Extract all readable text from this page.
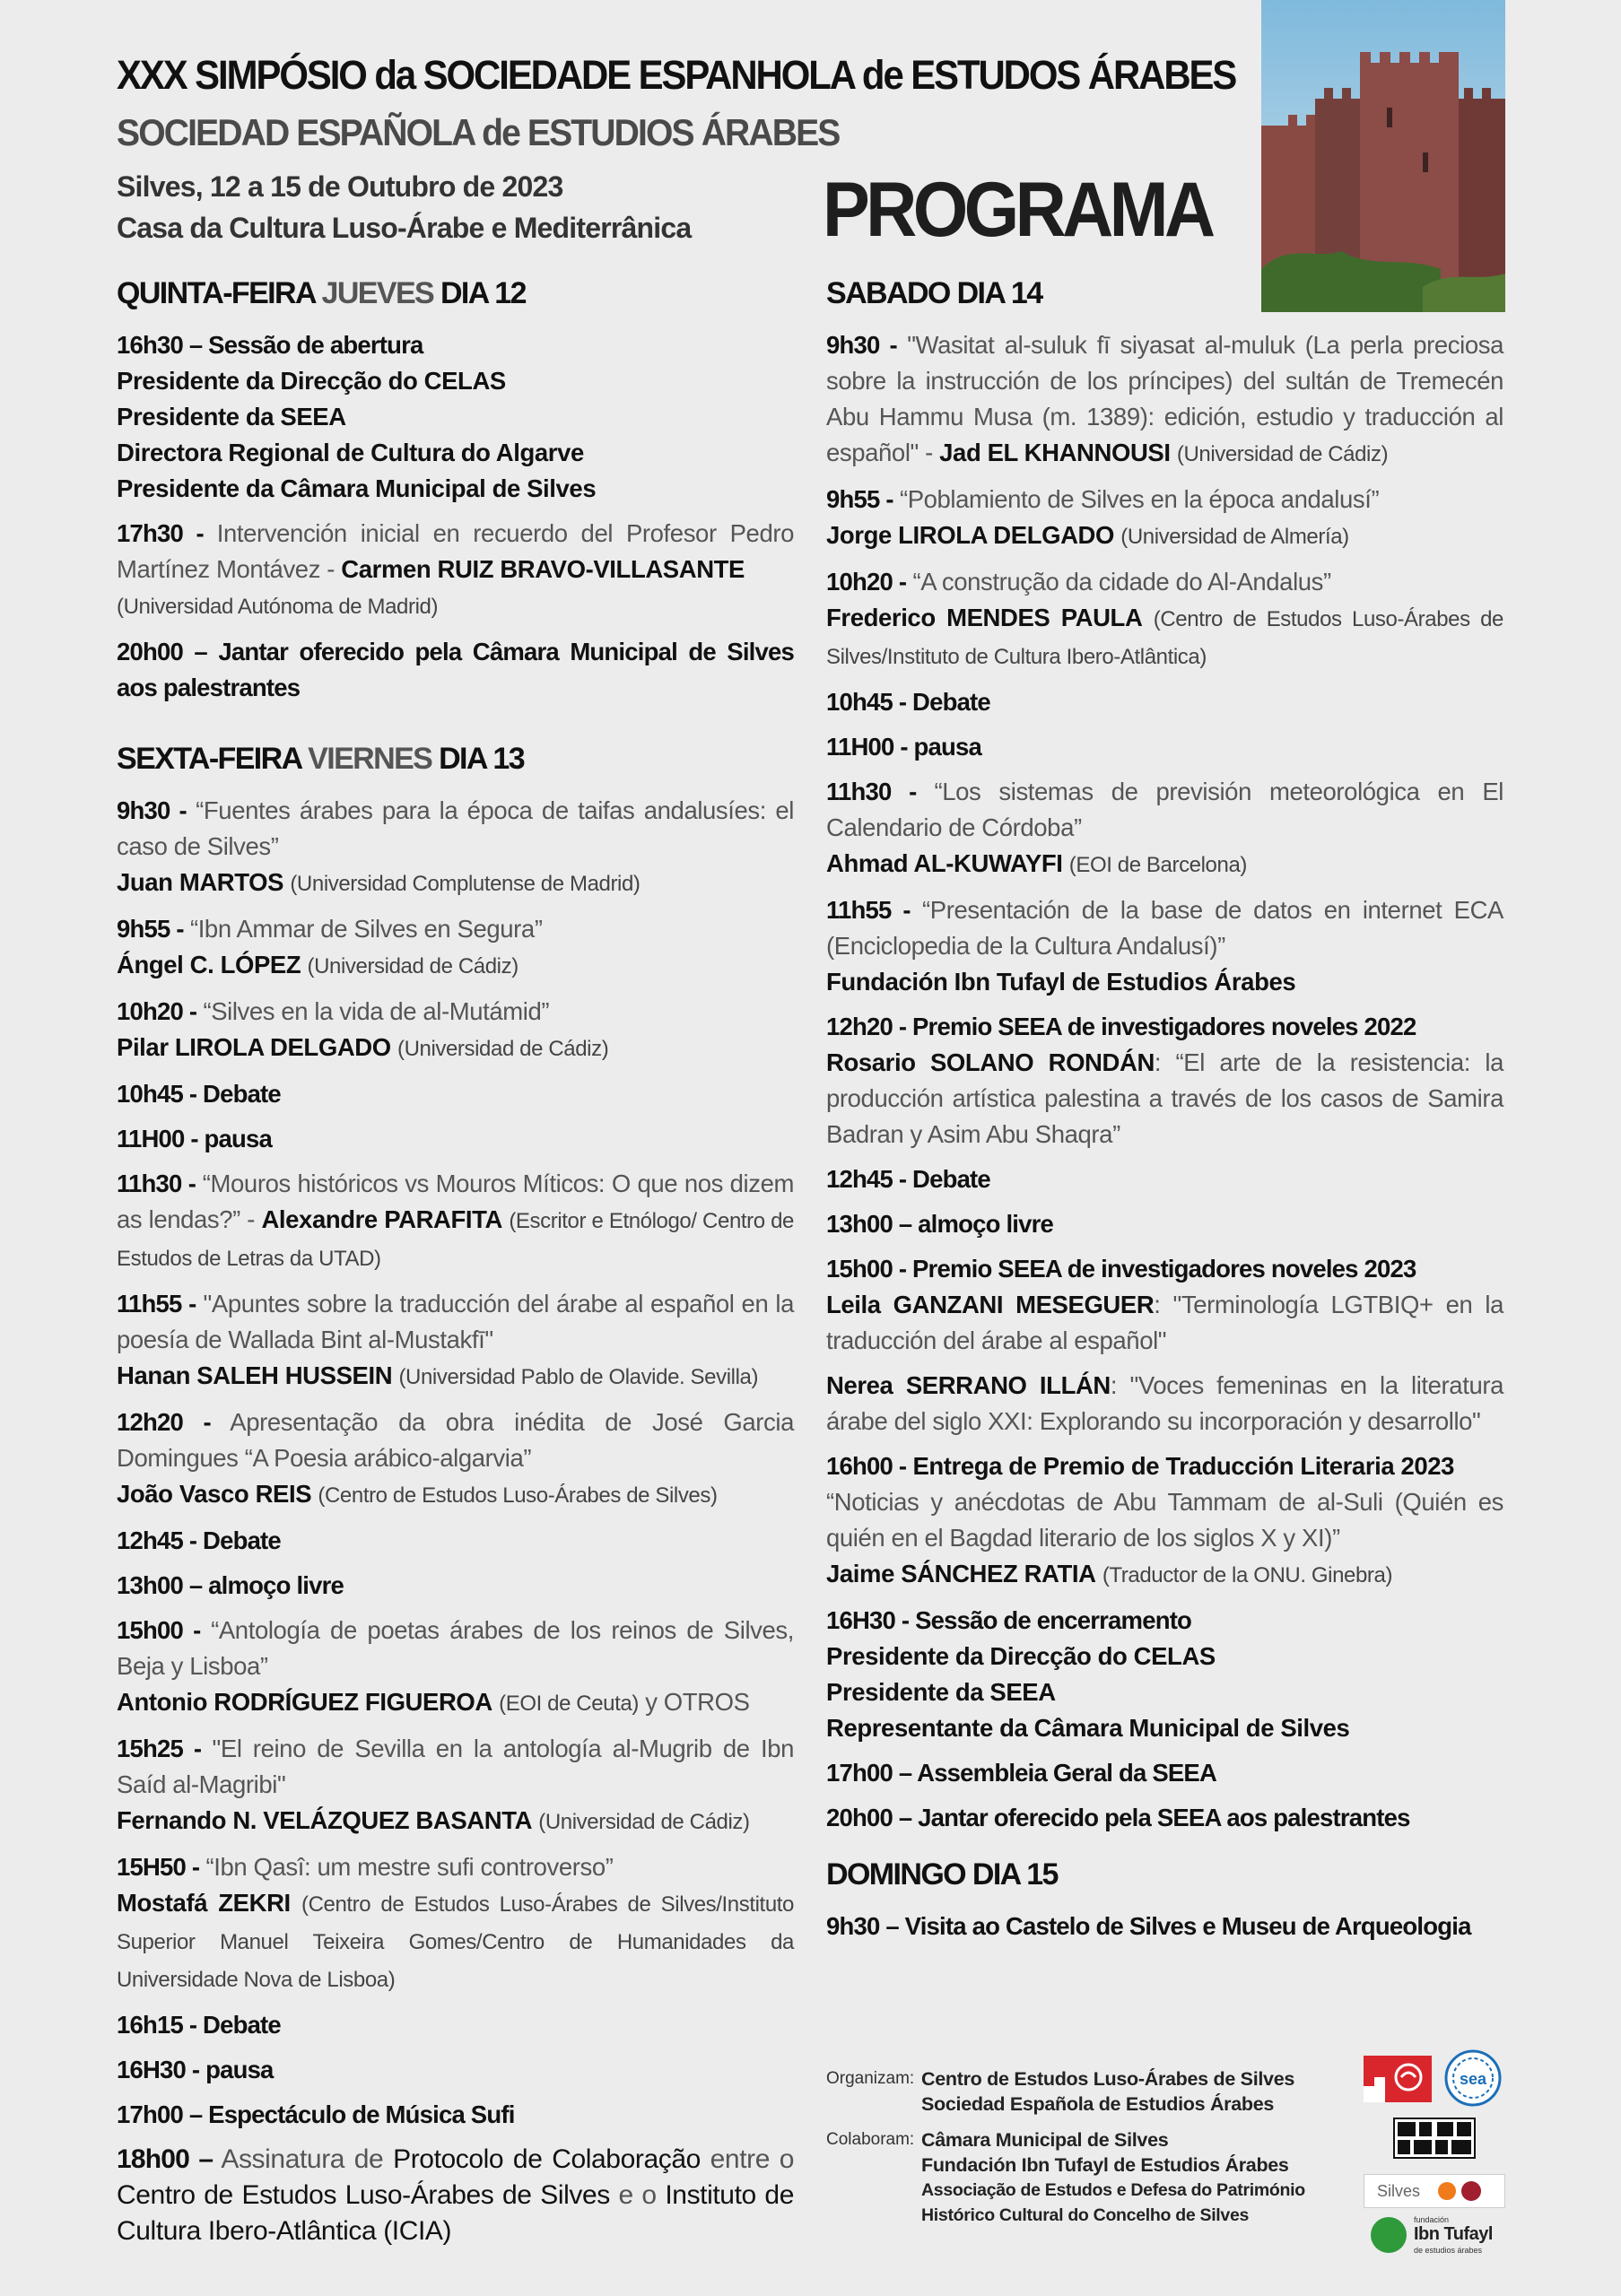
XXX SIMPÓSIO da SOCIEDADE ESPANHOLA de ESTUDOS ÁRABES
SOCIEDAD ESPAÑOLA de ESTUDIOS ÁRABES
Silves, 12 a 15 de Outubro de 2023
Casa da Cultura Luso-Árabe e Mediterrânica PROGRAMA
QUINTA-FEIRA JUEVES DIA 12
16h30 – Sessão de abertura
Presidente da Direcção do CELAS
Presidente da SEEA
Directora Regional de Cultura do Algarve
Presidente da Câmara Municipal de Silves
17h30 - Intervención inicial en recuerdo del Profesor Pedro Martínez Montávez - Carmen RUIZ BRAVO-VILLASANTE
(Universidad Autónoma de Madrid)
20h00 – Jantar oferecido pela Câmara Municipal de Silves aos palestrantes
SEXTA-FEIRA VIERNES DIA 13
9h30 - “Fuentes árabes para la época de taifas andalusíes: el caso de Silves”
Juan MARTOS (Universidad Complutense de Madrid)
9h55 - “Ibn Ammar de Silves en Segura”
Ángel C. LÓPEZ (Universidad de Cádiz)
10h20 - “Silves en la vida de al-Mutámid”
Pilar LIROLA DELGADO (Universidad de Cádiz)
10h45 - Debate
11H00 - pausa
11h30 - “Mouros históricos vs Mouros Míticos: O que nos dizem as lendas?” - Alexandre PARAFITA (Escritor e Etnólogo/ Centro de Estudos de Letras da UTAD)
11h55 - "Apuntes sobre la traducción del árabe al español en la poesía de Wallada Bint al-Mustakfī"
Hanan SALEH HUSSEIN (Universidad Pablo de Olavide. Sevilla)
12h20 - Apresentação da obra inédita de José Garcia Domingues “A Poesia arábico-algarvia”
João Vasco REIS (Centro de Estudos Luso-Árabes de Silves)
12h45 - Debate
13h00 – almoço livre
15h00 - “Antología de poetas árabes de los reinos de Silves, Beja y Lisboa”
Antonio RODRÍGUEZ FIGUEROA (EOI de Ceuta) y OTROS
15h25 - "El reino de Sevilla en la antología al-Mugrib de Ibn Saíd al-Magribi"
Fernando N. VELÁZQUEZ BASANTA (Universidad de Cádiz)
15H50 - “Ibn Qasî: um mestre sufi controverso”
Mostafá ZEKRI (Centro de Estudos Luso-Árabes de Silves/Instituto Superior Manuel Teixeira Gomes/Centro de Humanidades da Universidade Nova de Lisboa)
16h15 - Debate
16H30 - pausa
17h00 – Espectáculo de Música Sufi
18h00 – Assinatura de Protocolo de Colaboração entre o Centro de Estudos Luso-Árabes de Silves e o Instituto de Cultura Ibero-Atlântica (ICIA)
SABADO DIA 14
9h30 - "Wasitat al-suluk fī siyasat al-muluk (La perla preciosa sobre la instrucción de los príncipes) del sultán de Tremecén Abu Hammu Musa (m. 1389): edición, estudio y traducción al español" - Jad EL KHANNOUSI (Universidad de Cádiz)
9h55 - “Poblamiento de Silves en la época andalusí”
Jorge LIROLA DELGADO (Universidad de Almería)
10h20 - “A construção da cidade do Al-Andalus”
Frederico MENDES PAULA (Centro de Estudos Luso-Árabes de Silves/Instituto de Cultura Ibero-Atlântica)
10h45 - Debate
11H00 - pausa
11h30 - “Los sistemas de previsión meteorológica en El Calendario de Córdoba”
Ahmad AL-KUWAYFI (EOI de Barcelona)
11h55 - “Presentación de la base de datos en internet ECA (Enciclopedia de la Cultura Andalusí)”
Fundación Ibn Tufayl de Estudios Árabes
12h20 - Premio SEEA de investigadores noveles 2022
Rosario SOLANO RONDÁN: “El arte de la resistencia: la producción artística palestina a través de los casos de Samira Badran y Asim Abu Shaqra”
12h45 - Debate
13h00 – almoço livre
15h00 - Premio SEEA de investigadores noveles 2023
Leila GANZANI MESEGUER: "Terminología LGTBIQ+ en la traducción del árabe al español"
Nerea SERRANO ILLÁN: "Voces femeninas en la literatura árabe del siglo XXI: Explorando su incorporación y desarrollo"
16h00 - Entrega de Premio de Traducción Literaria 2023
“Noticias y anécdotas de Abu Tammam de al-Suli (Quién es quién en el Bagdad literario de los siglos X y XI)”
Jaime SÁNCHEZ RATIA (Traductor de la ONU. Ginebra)
16H30 - Sessão de encerramento
Presidente da Direcção do CELAS
Presidente da SEEA
Representante da Câmara Municipal de Silves
17h00 – Assembleia Geral da SEEA
20h00 – Jantar oferecido pela SEEA aos palestrantes
DOMINGO DIA 15
9h30 – Visita ao Castelo de Silves e Museu de Arqueologia
Organizam: Centro de Estudos Luso-Árabes de Silves
Sociedad Española de Estudios Árabes
Colaboram: Câmara Municipal de Silves
Fundación Ibn Tufayl de Estudios Árabes
Associação de Estudos e Defesa do Património
Histórico Cultural do Concelho de Silves
sea
Silves
fundación
Ibn Tufayl
de estudios árabes
